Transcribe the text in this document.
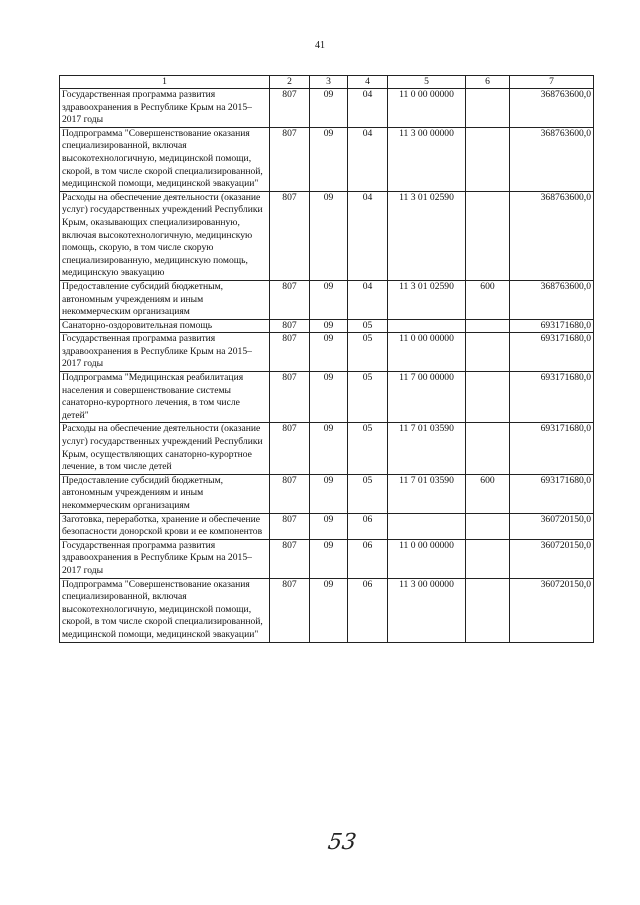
41
1	2	3	4	5	6	7
Государственная программа развития здравоохранения в Республике Крым на 2015–2017 годы	807	09	04	11 0 00 00000		368763600,0
Подпрограмма "Совершенствование оказания специализированной, включая высокотехнологичную, медицинской помощи, скорой, в том числе скорой специализированной, медицинской помощи, медицинской эвакуации"	807	09	04	11 3 00 00000		368763600,0
Расходы на обеспечение деятельности (оказание услуг) государственных учреждений Республики Крым, оказывающих специализированную, включая высокотехнологичную, медицинскую помощь, скорую, в том числе скорую специализированную, медицинскую помощь, медицинскую эвакуацию	807	09	04	11 3 01 02590		368763600,0
Предоставление субсидий бюджетным, автономным учреждениям и иным некоммерческим организациям	807	09	04	11 3 01 02590	600	368763600,0
Санаторно-оздоровительная помощь	807	09	05			693171680,0
Государственная программа развития здравоохранения в Республике Крым на 2015–2017 годы	807	09	05	11 0 00 00000		693171680,0
Подпрограмма "Медицинская реабилитация населения и совершенствование системы санаторно-курортного лечения, в том числе детей"	807	09	05	11 7 00 00000		693171680,0
Расходы на обеспечение деятельности (оказание услуг) государственных учреждений Республики Крым, осуществляющих санаторно-курортное лечение, в том числе детей	807	09	05	11 7 01 03590		693171680,0
Предоставление субсидий бюджетным, автономным учреждениям и иным некоммерческим организациям	807	09	05	11 7 01 03590	600	693171680,0
Заготовка, переработка, хранение и обеспечение безопасности донорской крови и ее компонентов	807	09	06			360720150,0
Государственная программа развития здравоохранения в Республике Крым на 2015–2017 годы	807	09	06	11 0 00 00000		360720150,0
Подпрограмма "Совершенствование оказания специализированной, включая высокотехнологичную, медицинской помощи, скорой, в том числе скорой специализированной, медицинской помощи, медицинской эвакуации"	807	09	06	11 3 00 00000		360720150,0
53
